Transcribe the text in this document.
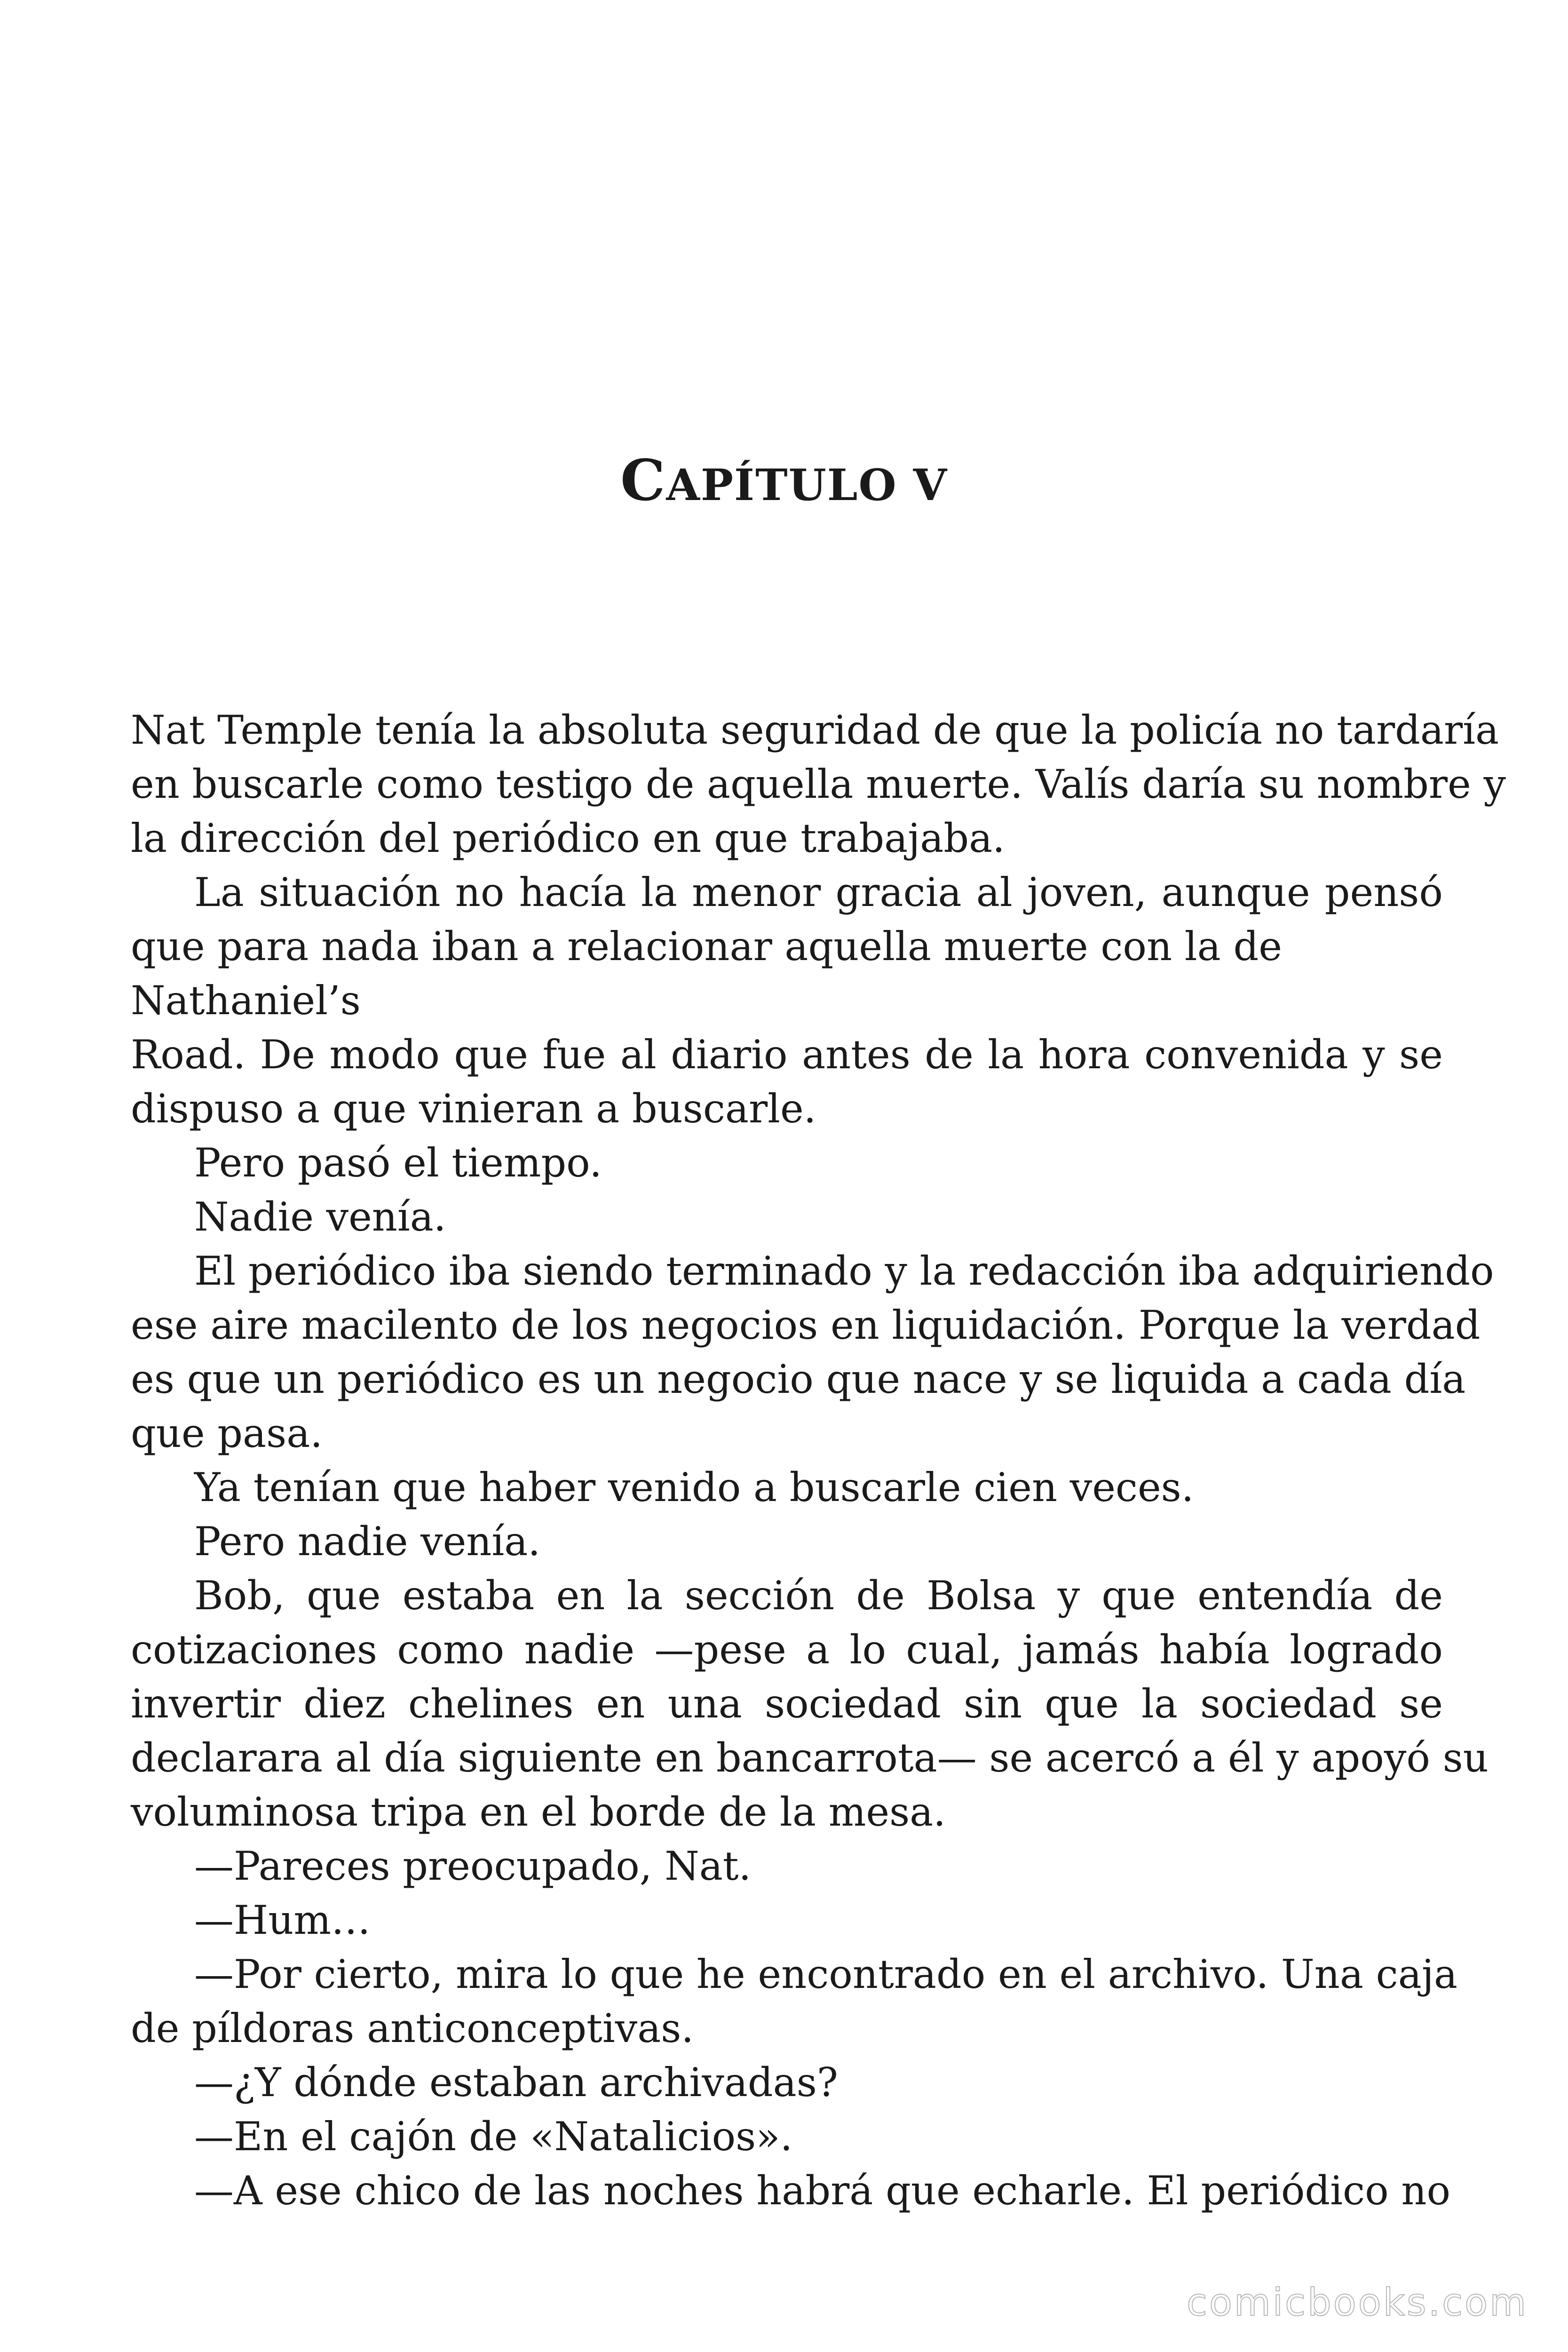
CAPÍTULO V
Nat Temple tenía la absoluta seguridad de que la policía no tardaría
en buscarle como testigo de aquella muerte. Valís daría su nombre y
la dirección del periódico en que trabajaba.
La situación no hacía la menor gracia al joven, aunque pensó
que para nada iban a relacionar aquella muerte con la de
Nathaniel’s
Road. De modo que fue al diario antes de la hora convenida y se
dispuso a que vinieran a buscarle.
Pero pasó el tiempo.
Nadie venía.
El periódico iba siendo terminado y la redacción iba adquiriendo
ese aire macilento de los negocios en liquidación. Porque la verdad
es que un periódico es un negocio que nace y se liquida a cada día
que pasa.
Ya tenían que haber venido a buscarle cien veces.
Pero nadie venía.
Bob, que estaba en la sección de Bolsa y que entendía de
cotizaciones como nadie —pese a lo cual, jamás había logrado
invertir diez chelines en una sociedad sin que la sociedad se
declarara al día siguiente en bancarrota— se acercó a él y apoyó su
voluminosa tripa en el borde de la mesa.
—Pareces preocupado, Nat.
—Hum…
—Por cierto, mira lo que he encontrado en el archivo. Una caja
de píldoras anticonceptivas.
—¿Y dónde estaban archivadas?
—En el cajón de «Natalicios».
—A ese chico de las noches habrá que echarle. El periódico no
comicbooks.com
